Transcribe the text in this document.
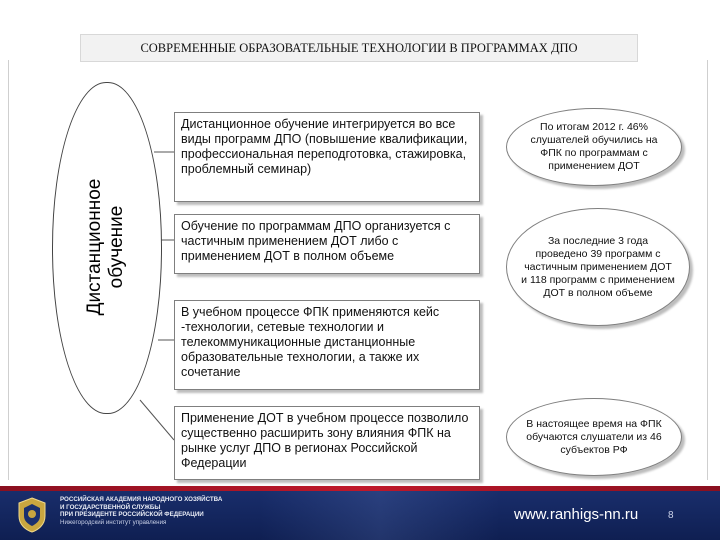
СОВРЕМЕННЫЕ ОБРАЗОВАТЕЛЬНЫЕ ТЕХНОЛОГИИ В ПРОГРАММАХ ДПО
Дистанционное обучение
Дистанционное обучение интегрируется во все виды программ ДПО (повышение квалификации, профессиональная переподготовка, стажировка, проблемный семинар)
Обучение по программам ДПО организуется с частичным применением ДОТ либо с применением ДОТ в полном объеме
В учебном процессе ФПК применяются кейс -технологии, сетевые технологии и телекоммуникационные дистанционные образовательные технологии, а также их сочетание
Применение ДОТ в учебном процессе позволило существенно расширить зону влияния ФПК на рынке услуг ДПО в регионах Российской Федерации
По итогам 2012 г. 46% слушателей обучились на ФПК по программам с применением ДОТ
За последние 3 года проведено 39 программ с частичным применением ДОТ и 118 программ с применением ДОТ в полном объеме
В настоящее время на ФПК обучаются слушатели из 46 субъектов РФ
РОССИЙСКАЯ АКАДЕМИЯ НАРОДНОГО ХОЗЯЙСТВА
И ГОСУДАРСТВЕННОЙ СЛУЖБЫ
ПРИ ПРЕЗИДЕНТЕ РОССИЙСКОЙ ФЕДЕРАЦИИ
Нижегородский институт управления	www.ranhigs-nn.ru	8
